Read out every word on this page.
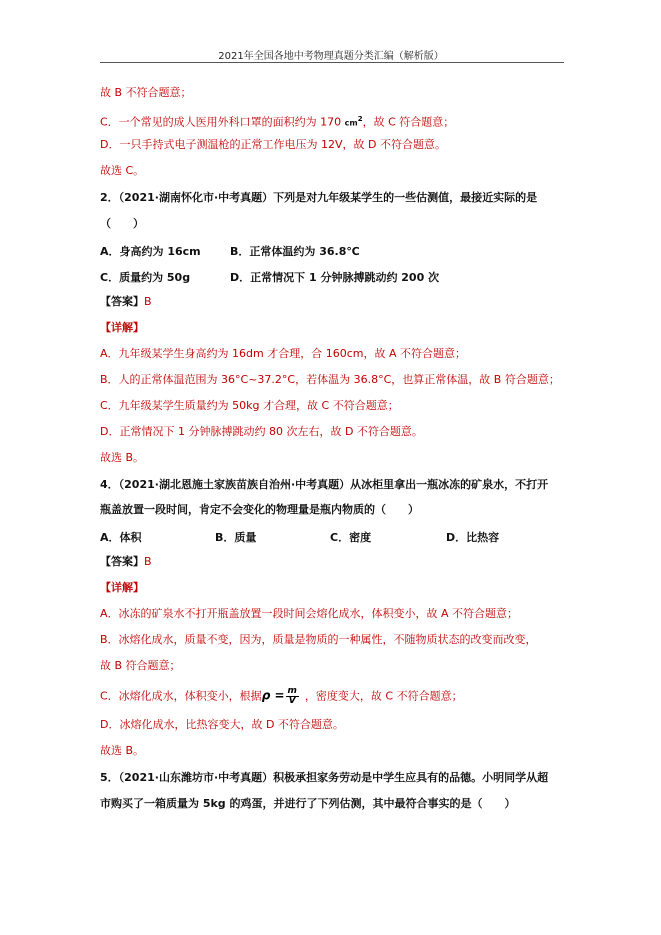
2021年全国各地中考物理真题分类汇编（解析版）
故 B 不符合题意；
C．一个常见的成人医用外科口罩的面积约为 170 $cm^2$，故 C 符合题意；
D．一只手持式电子测温枪的正常工作电压为 12V，故 D 不符合题意。
故选 C。
2．（2021·湖南怀化市·中考真题）下列是对九年级某学生的一些估测值，最接近实际的是
（　　）
A．身高约为 16cm	B．正常体温约为 36.8℃
C．质量约为 50g	D．正常情况下 1 分钟脉搏跳动约 200 次
【答案】B
【详解】
A．九年级某学生身高约为 16dm 才合理，合 160cm，故 A 不符合题意；
B．人的正常体温范围为 36°C~37.2°C，若体温为 36.8°C，也算正常体温，故 B 符合题意；
C．九年级某学生质量约为 50kg 才合理，故 C 不符合题意；
D．正常情况下 1 分钟脉搏跳动约 80 次左右，故 D 不符合题意。
故选 B。
4．（2021·湖北恩施土家族苗族自治州·中考真题）从冰柜里拿出一瓶冰冻的矿泉水，不打开
瓶盖放置一段时间，肯定不会变化的物理量是瓶内物质的（　　）
A．体积	B．质量	C．密度	D．比热容
【答案】B
【详解】
A．冰冻的矿泉水不打开瓶盖放置一段时间会熔化成水，体积变小，故 A 不符合题意；
B．冰熔化成水，质量不变，因为，质量是物质的一种属性，不随物质状态的改变而改变，
故 B 符合题意；
C．冰熔化成水，体积变小，根据$\rho = \frac{m}{V}$ ，密度变大，故 C 不符合题意；
D．冰熔化成水，比热容变大，故 D 不符合题意。
故选 B。
5．（2021·山东潍坊市·中考真题）积极承担家务劳动是中学生应具有的品德。小明同学从超
市购买了一箱质量为 5kg 的鸡蛋，并进行了下列估测，其中最符合事实的是（　　）
